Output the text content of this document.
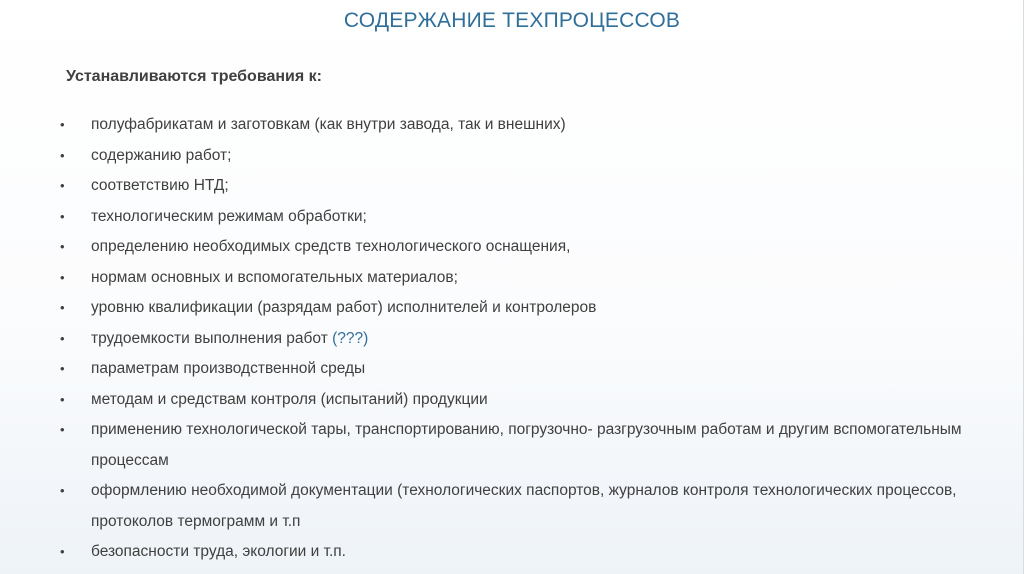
СОДЕРЖАНИЕ ТЕХПРОЦЕССОВ
Устанавливаются требования к:
•	полуфабрикатам и заготовкам (как внутри завода, так и внешних)
•	содержанию работ;
•	соответствию НТД;
•	технологическим режимам обработки;
•	определению необходимых средств технологического оснащения,
•	нормам основных и вспомогательных материалов;
•	уровню квалификации (разрядам работ) исполнителей и контролеров
•	трудоемкости выполнения работ (???)
•	параметрам производственной среды
•	методам и средствам контроля (испытаний) продукции
•	применению технологической тары, транспортированию, погрузочно- разгрузочным работам и другим вспомогательным процессам
•	оформлению необходимой документации (технологических паспортов, журналов контроля технологических процессов, протоколов термограмм и т.п
•	безопасности труда, экологии и т.п.
